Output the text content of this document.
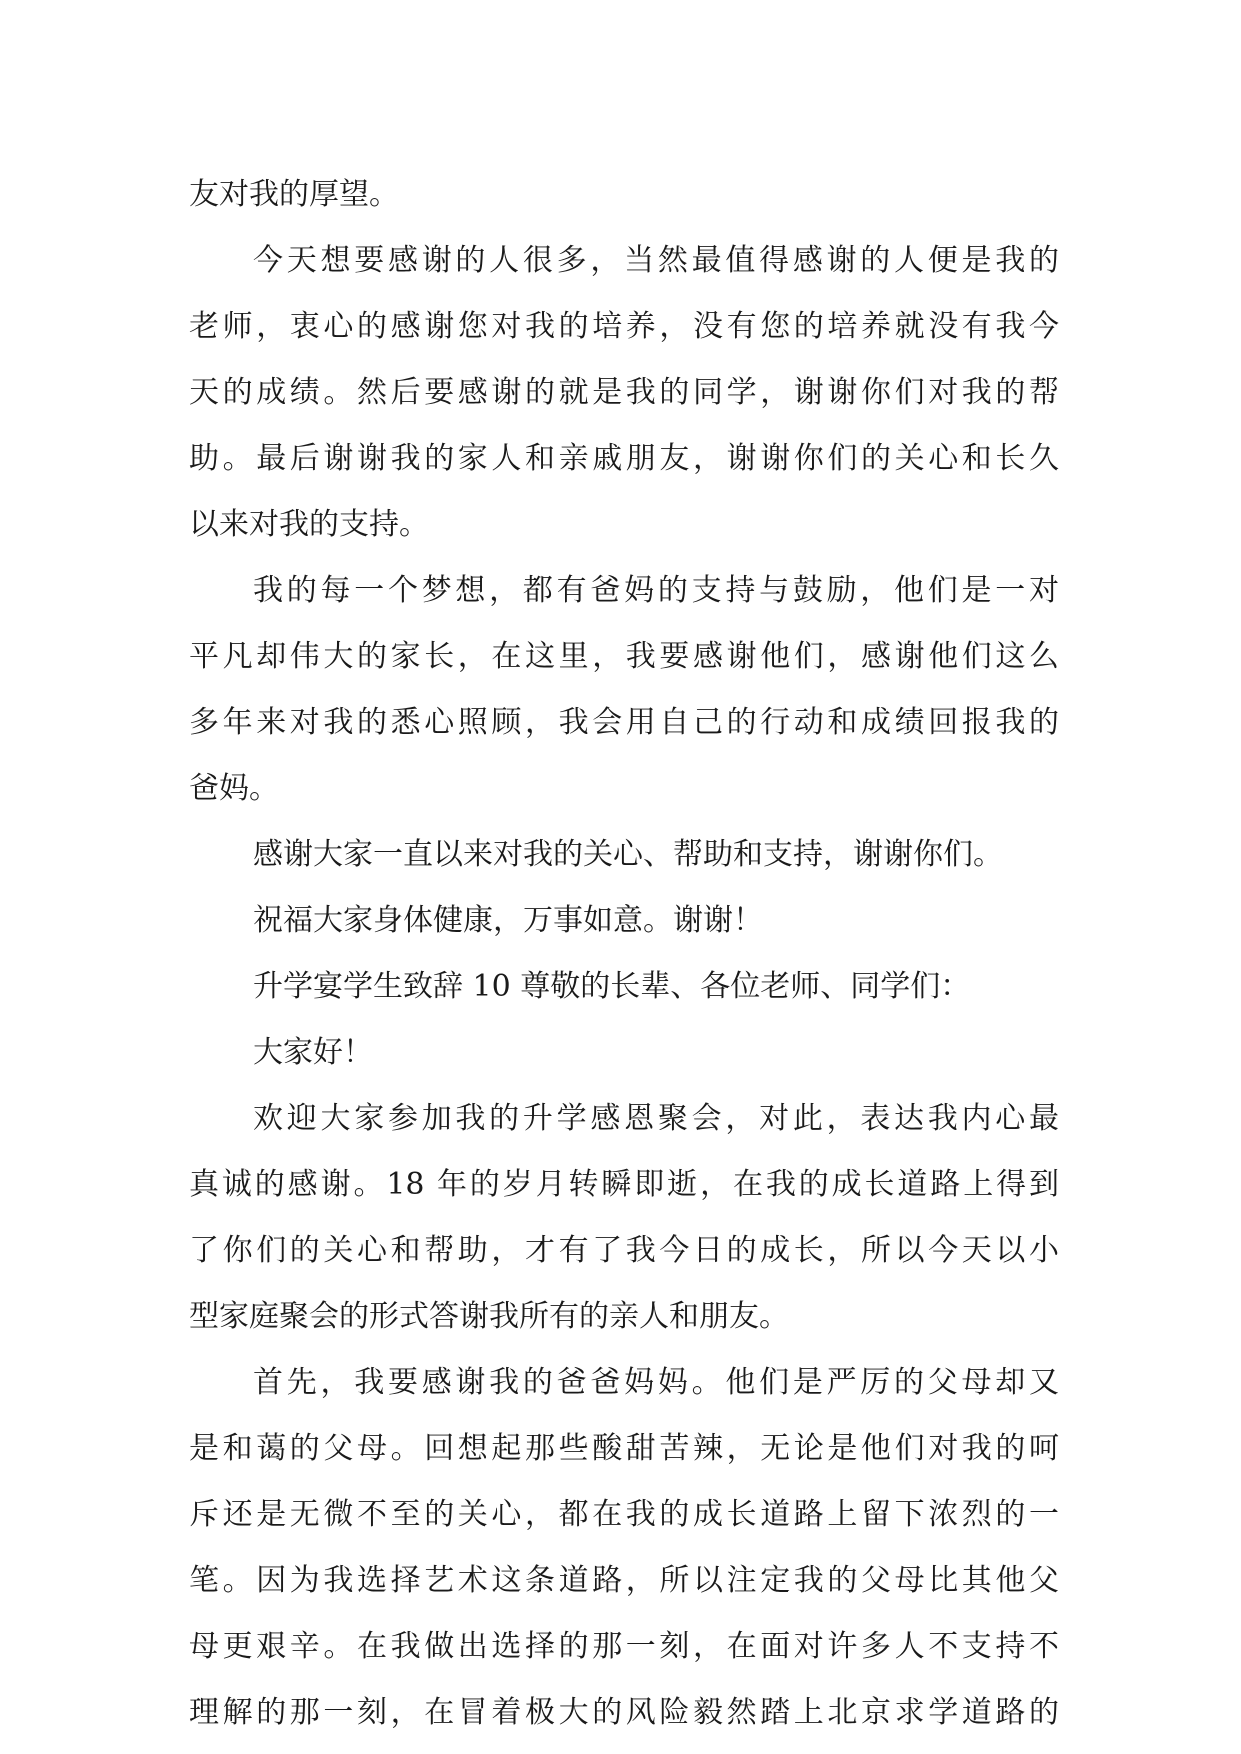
友对我的厚望。
今天想要感谢的人很多，当然最值得感谢的人便是我的
老师，衷心的感谢您对我的培养，没有您的培养就没有我今
天的成绩。然后要感谢的就是我的同学，谢谢你们对我的帮
助。最后谢谢我的家人和亲戚朋友，谢谢你们的关心和长久
以来对我的支持。
我的每一个梦想，都有爸妈的支持与鼓励，他们是一对
平凡却伟大的家长，在这里，我要感谢他们，感谢他们这么
多年来对我的悉心照顾，我会用自己的行动和成绩回报我的
爸妈。
感谢大家一直以来对我的关心、帮助和支持，谢谢你们。
祝福大家身体健康，万事如意。谢谢！
升学宴学生致辞 10 尊敬的长辈、各位老师、同学们：
大家好！
欢迎大家参加我的升学感恩聚会，对此，表达我内心最
真诚的感谢。18 年的岁月转瞬即逝，在我的成长道路上得到
了你们的关心和帮助，才有了我今日的成长，所以今天以小
型家庭聚会的形式答谢我所有的亲人和朋友。
首先，我要感谢我的爸爸妈妈。他们是严厉的父母却又
是和蔼的父母。回想起那些酸甜苦辣，无论是他们对我的呵
斥还是无微不至的关心，都在我的成长道路上留下浓烈的一
笔。因为我选择艺术这条道路，所以注定我的父母比其他父
母更艰辛。在我做出选择的那一刻，在面对许多人不支持不
理解的那一刻，在冒着极大的风险毅然踏上北京求学道路的
